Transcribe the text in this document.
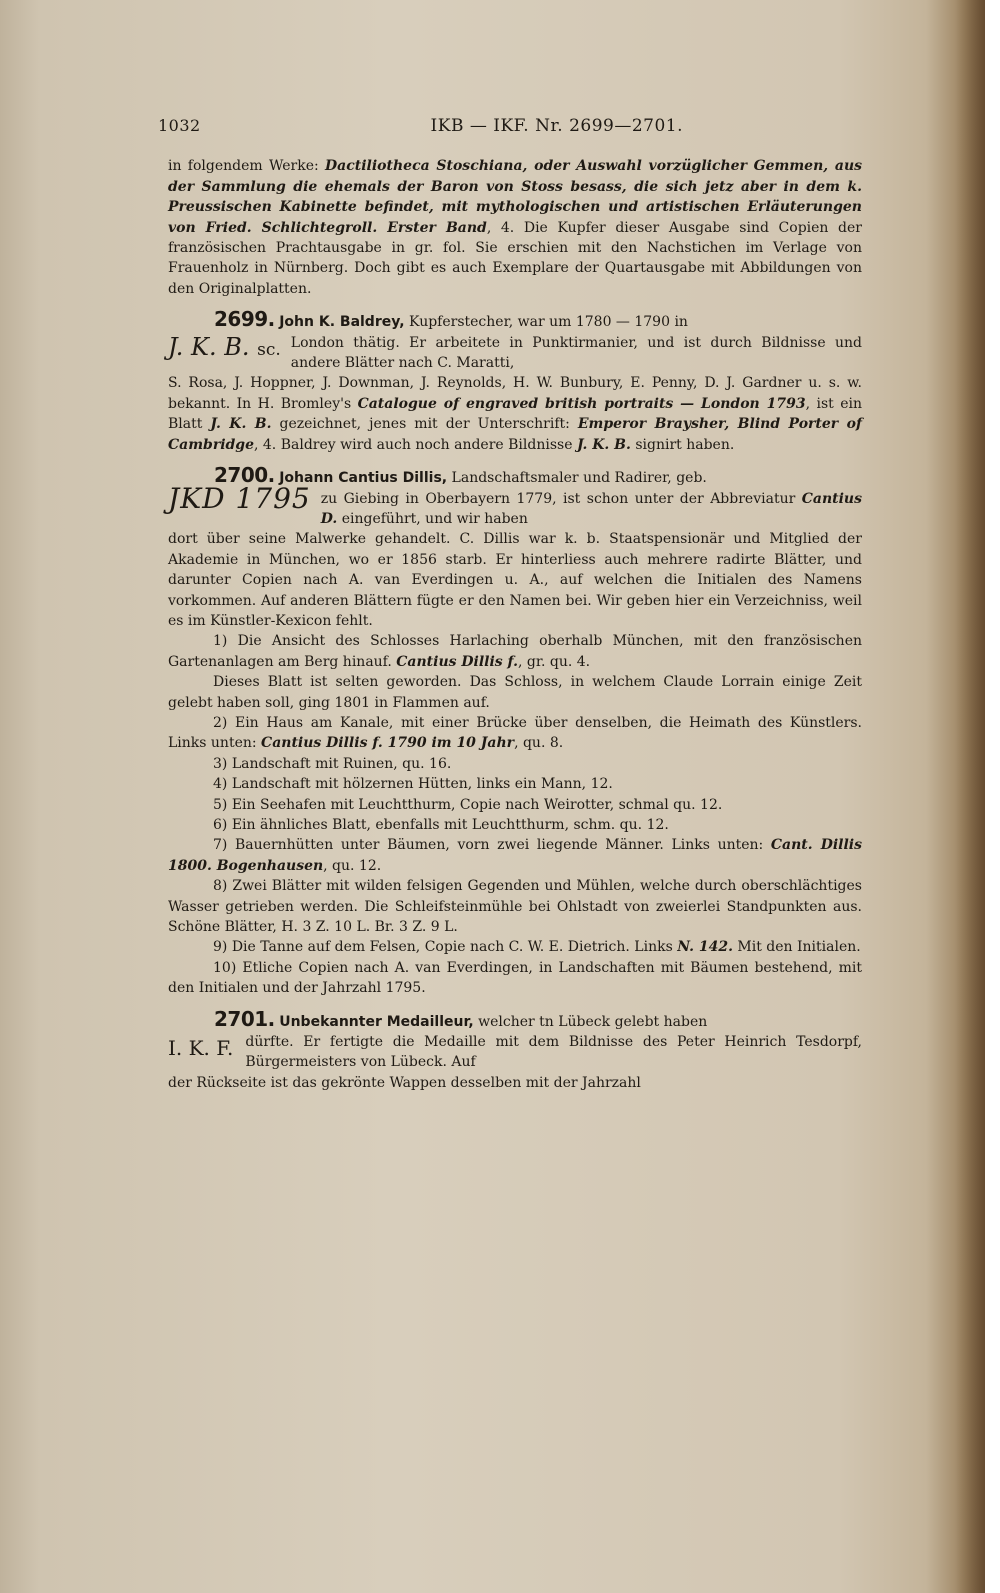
1032	IKB — IKF. Nr. 2699—2701.

in folgendem Werke: Dactiliotheca Stoschiana, oder Auswahl vorzüglicher Gemmen, aus der Sammlung die ehemals der Baron von Stoss besass, die sich jetz aber in dem k. Preussischen Kabinette befindet, mit mythologischen und artistischen Erläuterungen von Fried. Schlichtegroll. Erster Band, 4. Die Kupfer dieser Ausgabe sind Copien der französischen Prachtausgabe in gr. fol. Sie erschien mit den Nachstichen im Verlage von Frauenholz in Nürnberg. Doch gibt es auch Exemplare der Quartausgabe mit Abbildungen von den Originalplatten.

2699. John K. Baldrey, Kupferstecher, war um 1780 — 1790 in

J. K. B. sc. London thätig. Er arbeitete in Punktirmanier, und ist durch Bildnisse und andere Blätter nach C. Maratti,

S. Rosa, J. Hoppner, J. Downman, J. Reynolds, H. W. Bunbury, E. Penny, D. J. Gardner u. s. w. bekannt. In H. Bromley's Catalogue of engraved british portraits — London 1793, ist ein Blatt J. K. B. gezeichnet, jenes mit der Unterschrift: Emperor Braysher, Blind Porter of Cambridge, 4. Baldrey wird auch noch andere Bildnisse J. K. B. signirt haben.

2700. Johann Cantius Dillis, Landschaftsmaler und Radirer, geb.

JKD 1795 zu Giebing in Oberbayern 1779, ist schon unter der Abbreviatur Cantius D. eingeführt, und wir haben

dort über seine Malwerke gehandelt. C. Dillis war k. b. Staatspensionär und Mitglied der Akademie in München, wo er 1856 starb. Er hinterliess auch mehrere radirte Blätter, und darunter Copien nach A. van Everdingen u. A., auf welchen die Initialen des Namens vorkommen. Auf anderen Blättern fügte er den Namen bei. Wir geben hier ein Verzeichniss, weil es im Künstler-Kexicon fehlt.

1) Die Ansicht des Schlosses Harlaching oberhalb München, mit den französischen Gartenanlagen am Berg hinauf. Cantius Dillis f., gr. qu. 4.

Dieses Blatt ist selten geworden. Das Schloss, in welchem Claude Lorrain einige Zeit gelebt haben soll, ging 1801 in Flammen auf.

2) Ein Haus am Kanale, mit einer Brücke über denselben, die Heimath des Künstlers. Links unten: Cantius Dillis f. 1790 im 10 Jahr, qu. 8.

3) Landschaft mit Ruinen, qu. 16.

4) Landschaft mit hölzernen Hütten, links ein Mann, 12.

5) Ein Seehafen mit Leuchtthurm, Copie nach Weirotter, schmal qu. 12.

6) Ein ähnliches Blatt, ebenfalls mit Leuchtthurm, schm. qu. 12.

7) Bauernhütten unter Bäumen, vorn zwei liegende Männer. Links unten: Cant. Dillis 1800. Bogenhausen, qu. 12.

8) Zwei Blätter mit wilden felsigen Gegenden und Mühlen, welche durch oberschlächtiges Wasser getrieben werden. Die Schleifsteinmühle bei Ohlstadt von zweierlei Standpunkten aus. Schöne Blätter, H. 3 Z. 10 L. Br. 3 Z. 9 L.

9) Die Tanne auf dem Felsen, Copie nach C. W. E. Dietrich. Links N. 142. Mit den Initialen.

10) Etliche Copien nach A. van Everdingen, in Landschaften mit Bäumen bestehend, mit den Initialen und der Jahrzahl 1795.

2701. Unbekannter Medailleur, welcher tn Lübeck gelebt haben

I. K. F. dürfte. Er fertigte die Medaille mit dem Bildnisse des Peter Heinrich Tesdorpf, Bürgermeisters von Lübeck. Auf

der Rückseite ist das gekrönte Wappen desselben mit der Jahrzahl
